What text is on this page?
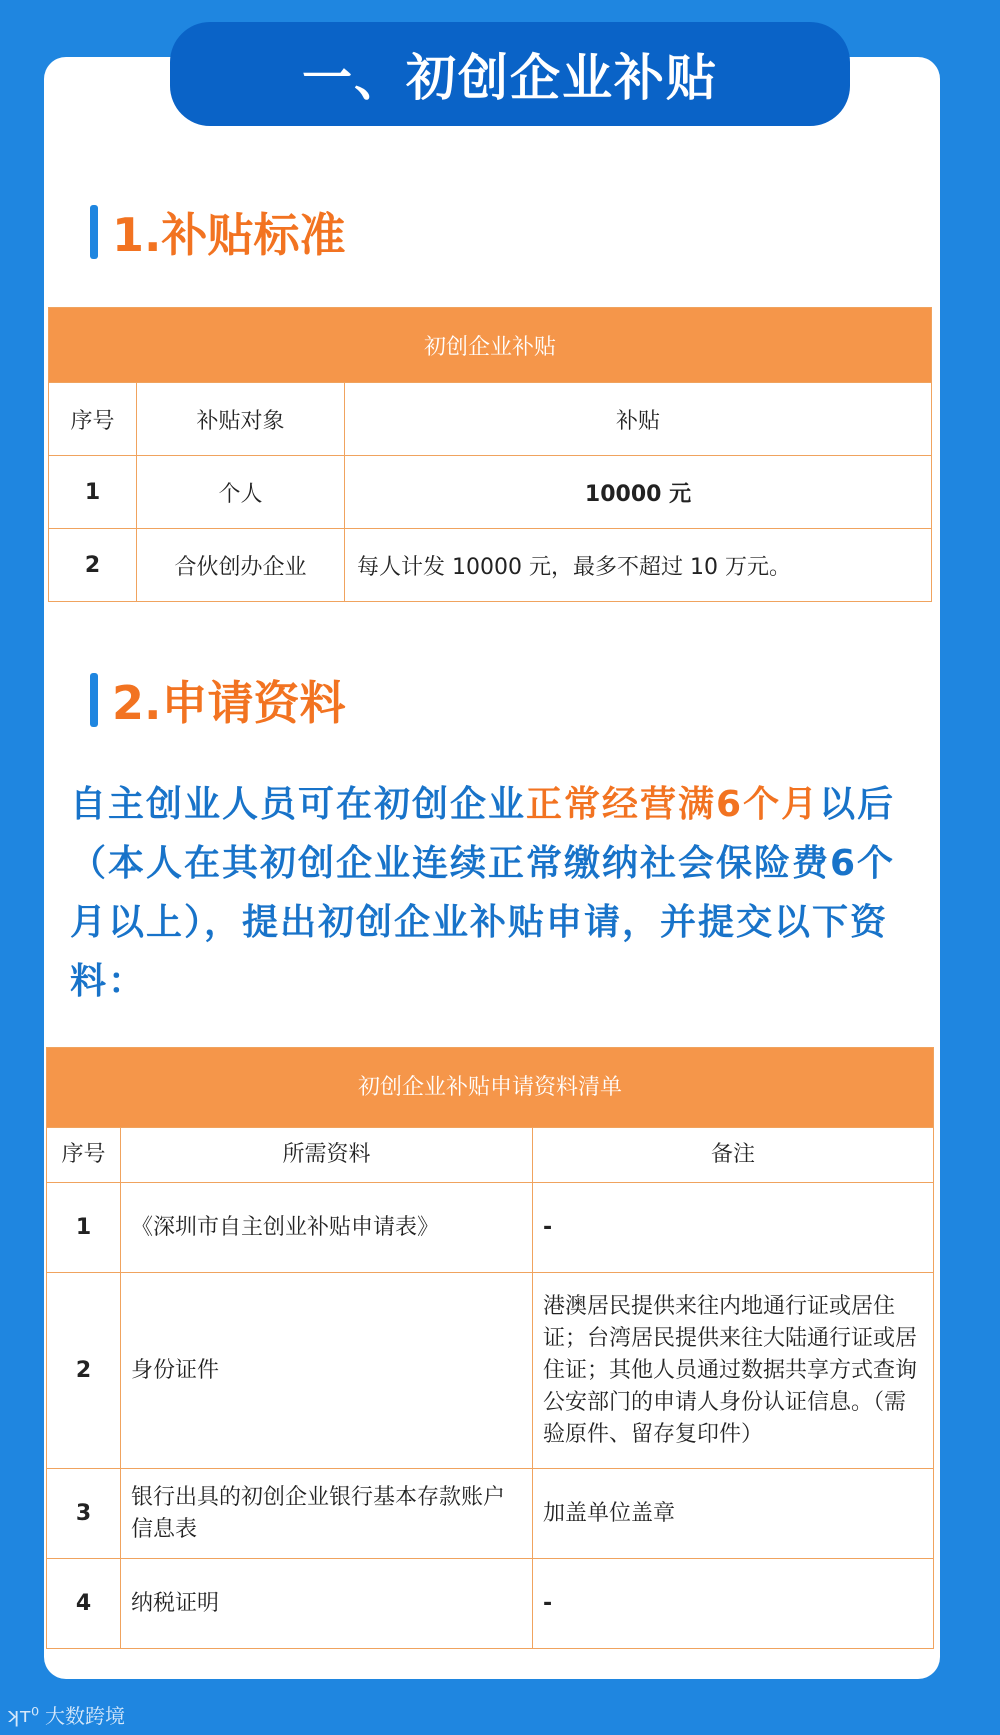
一、初创企业补贴
1.补贴标准
初创企业补贴		
序号	补贴对象	补贴
1	个人	10000 元
2	合伙创办企业	每人计发 10000 元，最多不超过 10 万元。
2.申请资料
自主创业人员可在初创企业正常经营满6个月以后（本人在其初创企业连续正常缴纳社会保险费6个月以上），提出初创企业补贴申请，并提交以下资料：
初创企业补贴申请资料清单		
序号	所需资料	备注
1	《深圳市自主创业补贴申请表》	-
2	身份证件	港澳居民提供来往内地通行证或居住证；台湾居民提供来往大陆通行证或居住证；其他人员通过数据共享方式查询公安部门的申请人身份认证信息。（需验原件、留存复印件）
3	银行出具的初创企业银行基本存款账户信息表	加盖单位盖章
4	纳税证明	-
ʞᴛ⁰ 大数跨境
